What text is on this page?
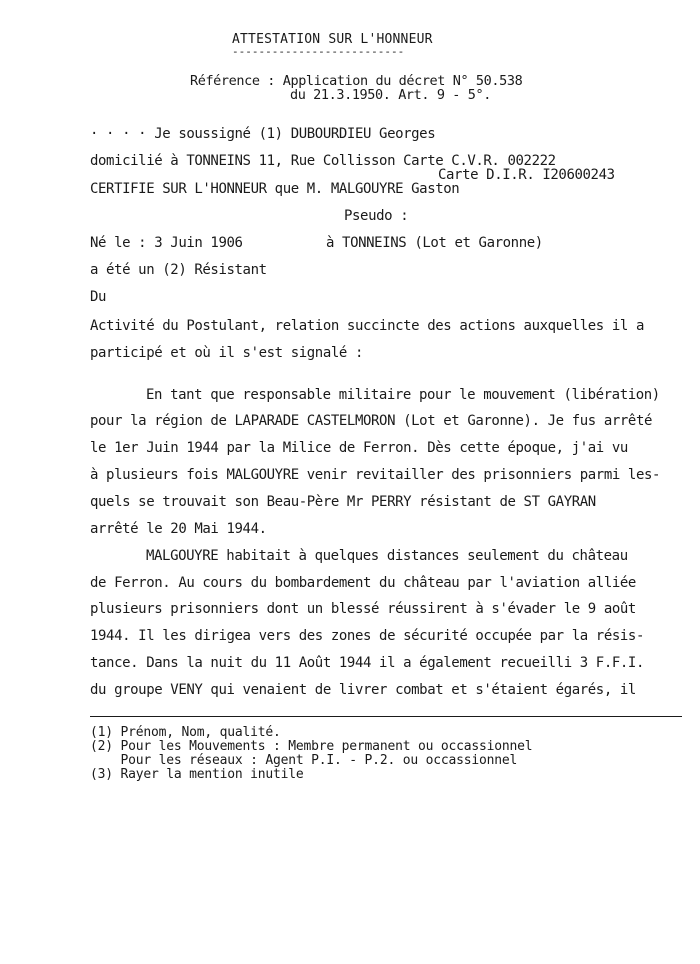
ATTESTATION SUR L'HONNEUR
--------------------------
Référence : Application du décret N° 50.538
du 21.3.1950. Art. 9 - 5°.
· · · · Je soussigné (1) DUBOURDIEU Georges
domicilié à TONNEINS 11, Rue Collisson Carte C.V.R. 002222
Carte D.I.R. I20600243
CERTIFIE SUR L'HONNEUR que M. MALGOUYRE Gaston
Pseudo :
Né le : 3 Juin 1906	à TONNEINS (Lot et Garonne)
a été un (2) Résistant
Du
Activité du Postulant, relation succincte des actions auxquelles il a
participé et où il s'est signalé :
En tant que responsable militaire pour le mouvement (libération)
pour la région de LAPARADE CASTELMORON (Lot et Garonne). Je fus arrêté
le 1er Juin 1944 par la Milice de Ferron. Dès cette époque, j'ai vu
à plusieurs fois MALGOUYRE venir revitailler des prisonniers parmi les-
quels se trouvait son Beau-Père Mr PERRY résistant de ST GAYRAN
arrêté le 20 Mai 1944.
MALGOUYRE habitait à quelques distances seulement du château
de Ferron. Au cours du bombardement du château par l'aviation alliée
plusieurs prisonniers dont un blessé réussirent à s'évader le 9 août
1944. Il les dirigea vers des zones de sécurité occupée par la résis-
tance. Dans la nuit du 11 Août 1944 il a également recueilli 3 F.F.I.
du groupe VENY qui venaient de livrer combat et s'étaient égarés, il
(1) Prénom, Nom, qualité.
(2) Pour les Mouvements : Membre permanent ou occassionnel
Pour les réseaux : Agent P.I. - P.2. ou occassionnel
(3) Rayer la mention inutile
